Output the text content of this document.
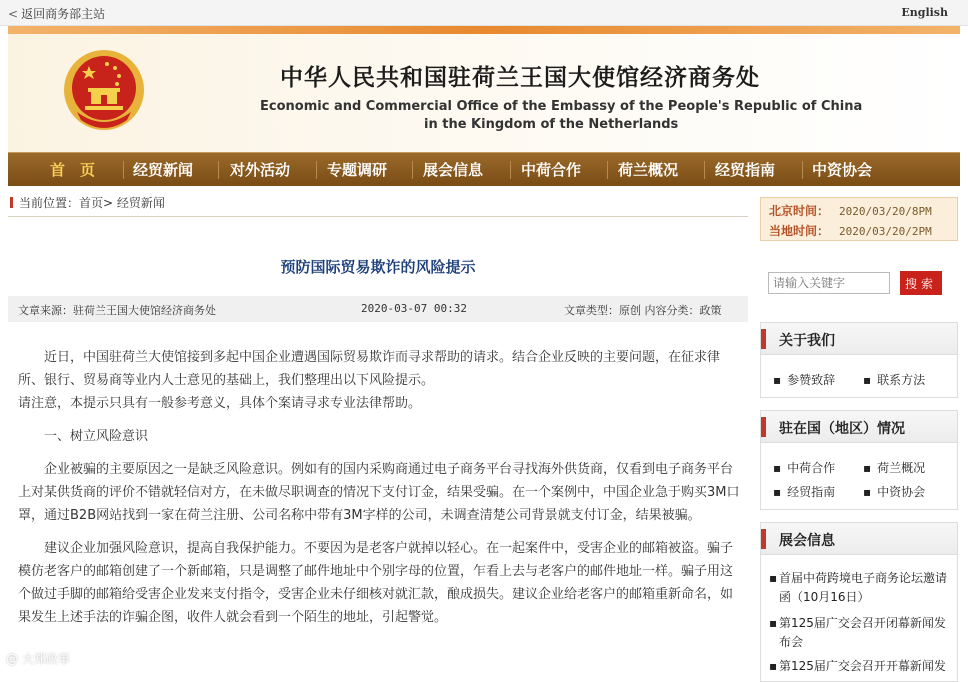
< 返回商务部主站	English
中华人民共和国驻荷兰王国大使馆经济商务处
Economic and Commercial Office of the Embassy of the People's Republic of China
in the Kingdom of the Netherlands
首　页	经贸新闻 对外活动 专题调研 展会信息	中荷合作 荷兰概况 经贸指南 中资协会
当前位置：首页> 经贸新闻
预防国际贸易欺诈的风险提示
文章来源：驻荷兰王国大使馆经济商务处	2020-03-07 00:32	文章类型：原创 内容分类：政策

近日，中国驻荷兰大使馆接到多起中国企业遭遇国际贸易欺诈而寻求帮助的请求。结合企业反映的主要问题，在征求律所、银行、贸易商等业内人士意见的基础上，我们整理出以下风险提示。

请注意，本提示只具有一般参考意义，具体个案请寻求专业法律帮助。

一、树立风险意识

企业被骗的主要原因之一是缺乏风险意识。例如有的国内采购商通过电子商务平台寻找海外供货商，仅看到电子商务平台上对某供货商的评价不错就轻信对方，在未做尽职调查的情况下支付订金，结果受骗。在一个案例中，中国企业急于购买3M口罩，通过B2B网站找到一家在荷兰注册、公司名称中带有3M字样的公司，未调查清楚公司背景就支付订金，结果被骗。

建议企业加强风险意识，提高自我保护能力。不要因为是老客户就掉以轻心。在一起案件中，受害企业的邮箱被盗。骗子模仿老客户的邮箱创建了一个新邮箱，只是调整了邮件地址中个别字母的位置，乍看上去与老客户的邮件地址一样。骗子用这个做过手脚的邮箱给受害企业发来支付指令，受害企业未仔细核对就汇款，酿成损失。建议企业给老客户的邮箱重新命名，如果发生上述手法的诈骗企图，收件人就会看到一个陌生的地址，引起警觉。

@ 大郑政事
北京时间： 2020/03/20/8PM
当地时间： 2020/03/20/2PM
请输入关键字
搜索
关于我们
▪ 参赞致辞 ▪ 联系方法
驻在国（地区）情况
▪ 中荷合作 ▪ 荷兰概况
▪ 经贸指南 ▪ 中资协会
展会信息
▪ 首届中荷跨境电子商务论坛邀请函（10月16日）
▪ 第125届广交会召开闭幕新闻发布会
▪ 第125届广交会召开开幕新闻发
